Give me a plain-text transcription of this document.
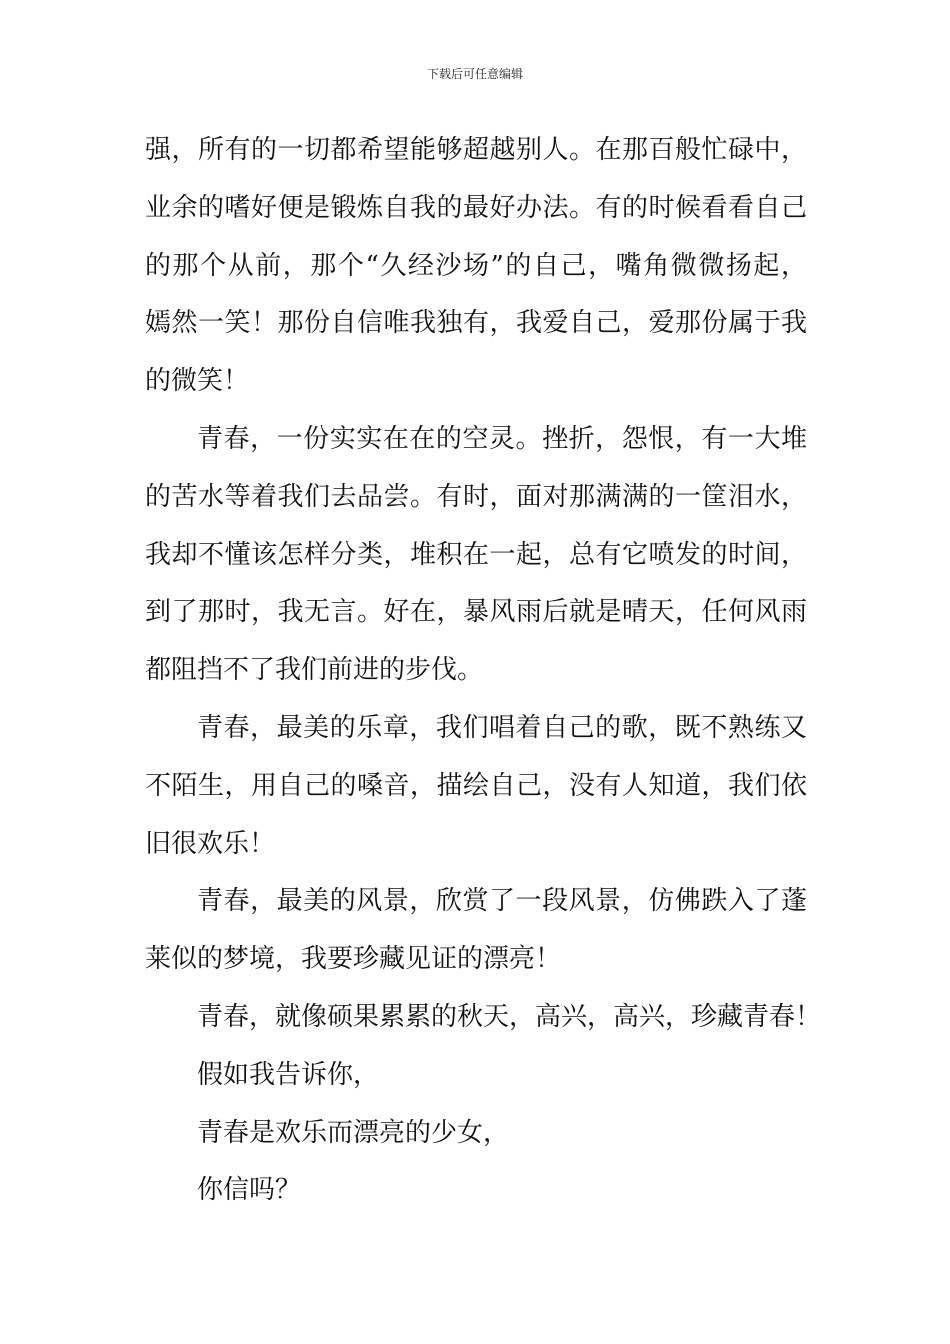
下载后可任意编辑
强，所有的一切都希望能够超越别人。在那百般忙碌中，
业余的嗜好便是锻炼自我的最好办法。有的时候看看自己
的那个从前，那个“久经沙场”的自己，嘴角微微扬起，
嫣然一笑！那份自信唯我独有，我爱自己，爱那份属于我
的微笑！
青春，一份实实在在的空灵。挫折，怨恨，有一大堆
的苦水等着我们去品尝。有时，面对那满满的一筐泪水，
我却不懂该怎样分类，堆积在一起，总有它喷发的时间，
到了那时，我无言。好在，暴风雨后就是晴天，任何风雨
都阻挡不了我们前进的步伐。
青春，最美的乐章，我们唱着自己的歌，既不熟练又
不陌生，用自己的嗓音，描绘自己，没有人知道，我们依
旧很欢乐！
青春，最美的风景，欣赏了一段风景，仿佛跌入了蓬
莱似的梦境，我要珍藏见证的漂亮！
青春，就像硕果累累的秋天，高兴，高兴，珍藏青春！
假如我告诉你，
青春是欢乐而漂亮的少女，
你信吗？
